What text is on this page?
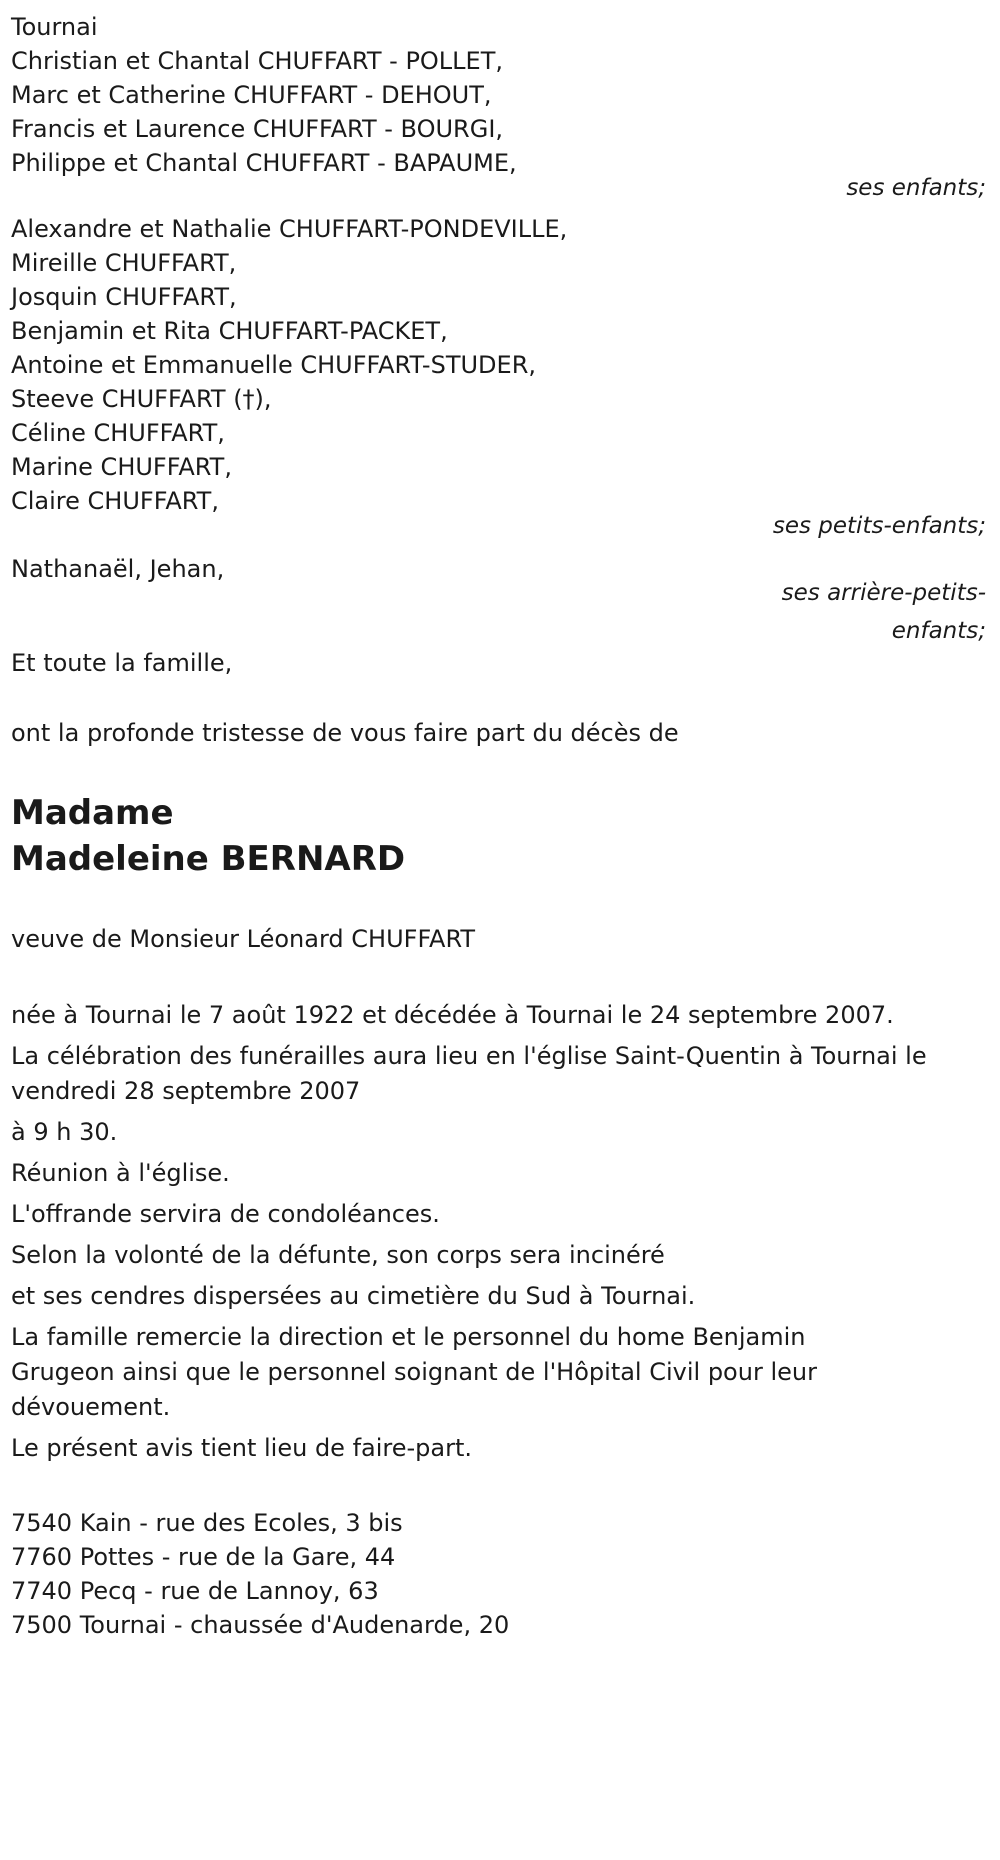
Tournai
Christian et Chantal CHUFFART - POLLET,
Marc et Catherine CHUFFART - DEHOUT,
Francis et Laurence CHUFFART - BOURGI,
Philippe et Chantal CHUFFART - BAPAUME,
ses enfants;
Alexandre et Nathalie CHUFFART-PONDEVILLE,
Mireille CHUFFART,
Josquin CHUFFART,
Benjamin et Rita CHUFFART-PACKET,
Antoine et Emmanuelle CHUFFART-STUDER,
Steeve CHUFFART (†),
Céline CHUFFART,
Marine CHUFFART,
Claire CHUFFART,
ses petits-enfants;
Nathanaël, Jehan,
ses arrière-petits-
enfants;
Et toute la famille,
ont la profonde tristesse de vous faire part du décès de
Madame
Madeleine BERNARD
veuve de Monsieur Léonard CHUFFART
née à Tournai le 7 août 1922 et décédée à Tournai le 24 septembre 2007.
La célébration des funérailles aura lieu en l'église Saint-Quentin à Tournai le vendredi 28 septembre 2007
à 9 h 30.
Réunion à l'église.
L'offrande servira de condoléances.
Selon la volonté de la défunte, son corps sera incinéré
et ses cendres dispersées au cimetière du Sud à Tournai.
La famille remercie la direction et le personnel du home Benjamin Grugeon ainsi que le personnel soignant de l'Hôpital Civil pour leur dévouement.
Le présent avis tient lieu de faire-part.
7540 Kain - rue des Ecoles, 3 bis
7760 Pottes - rue de la Gare, 44
7740 Pecq - rue de Lannoy, 63
7500 Tournai - chaussée d'Audenarde, 20
